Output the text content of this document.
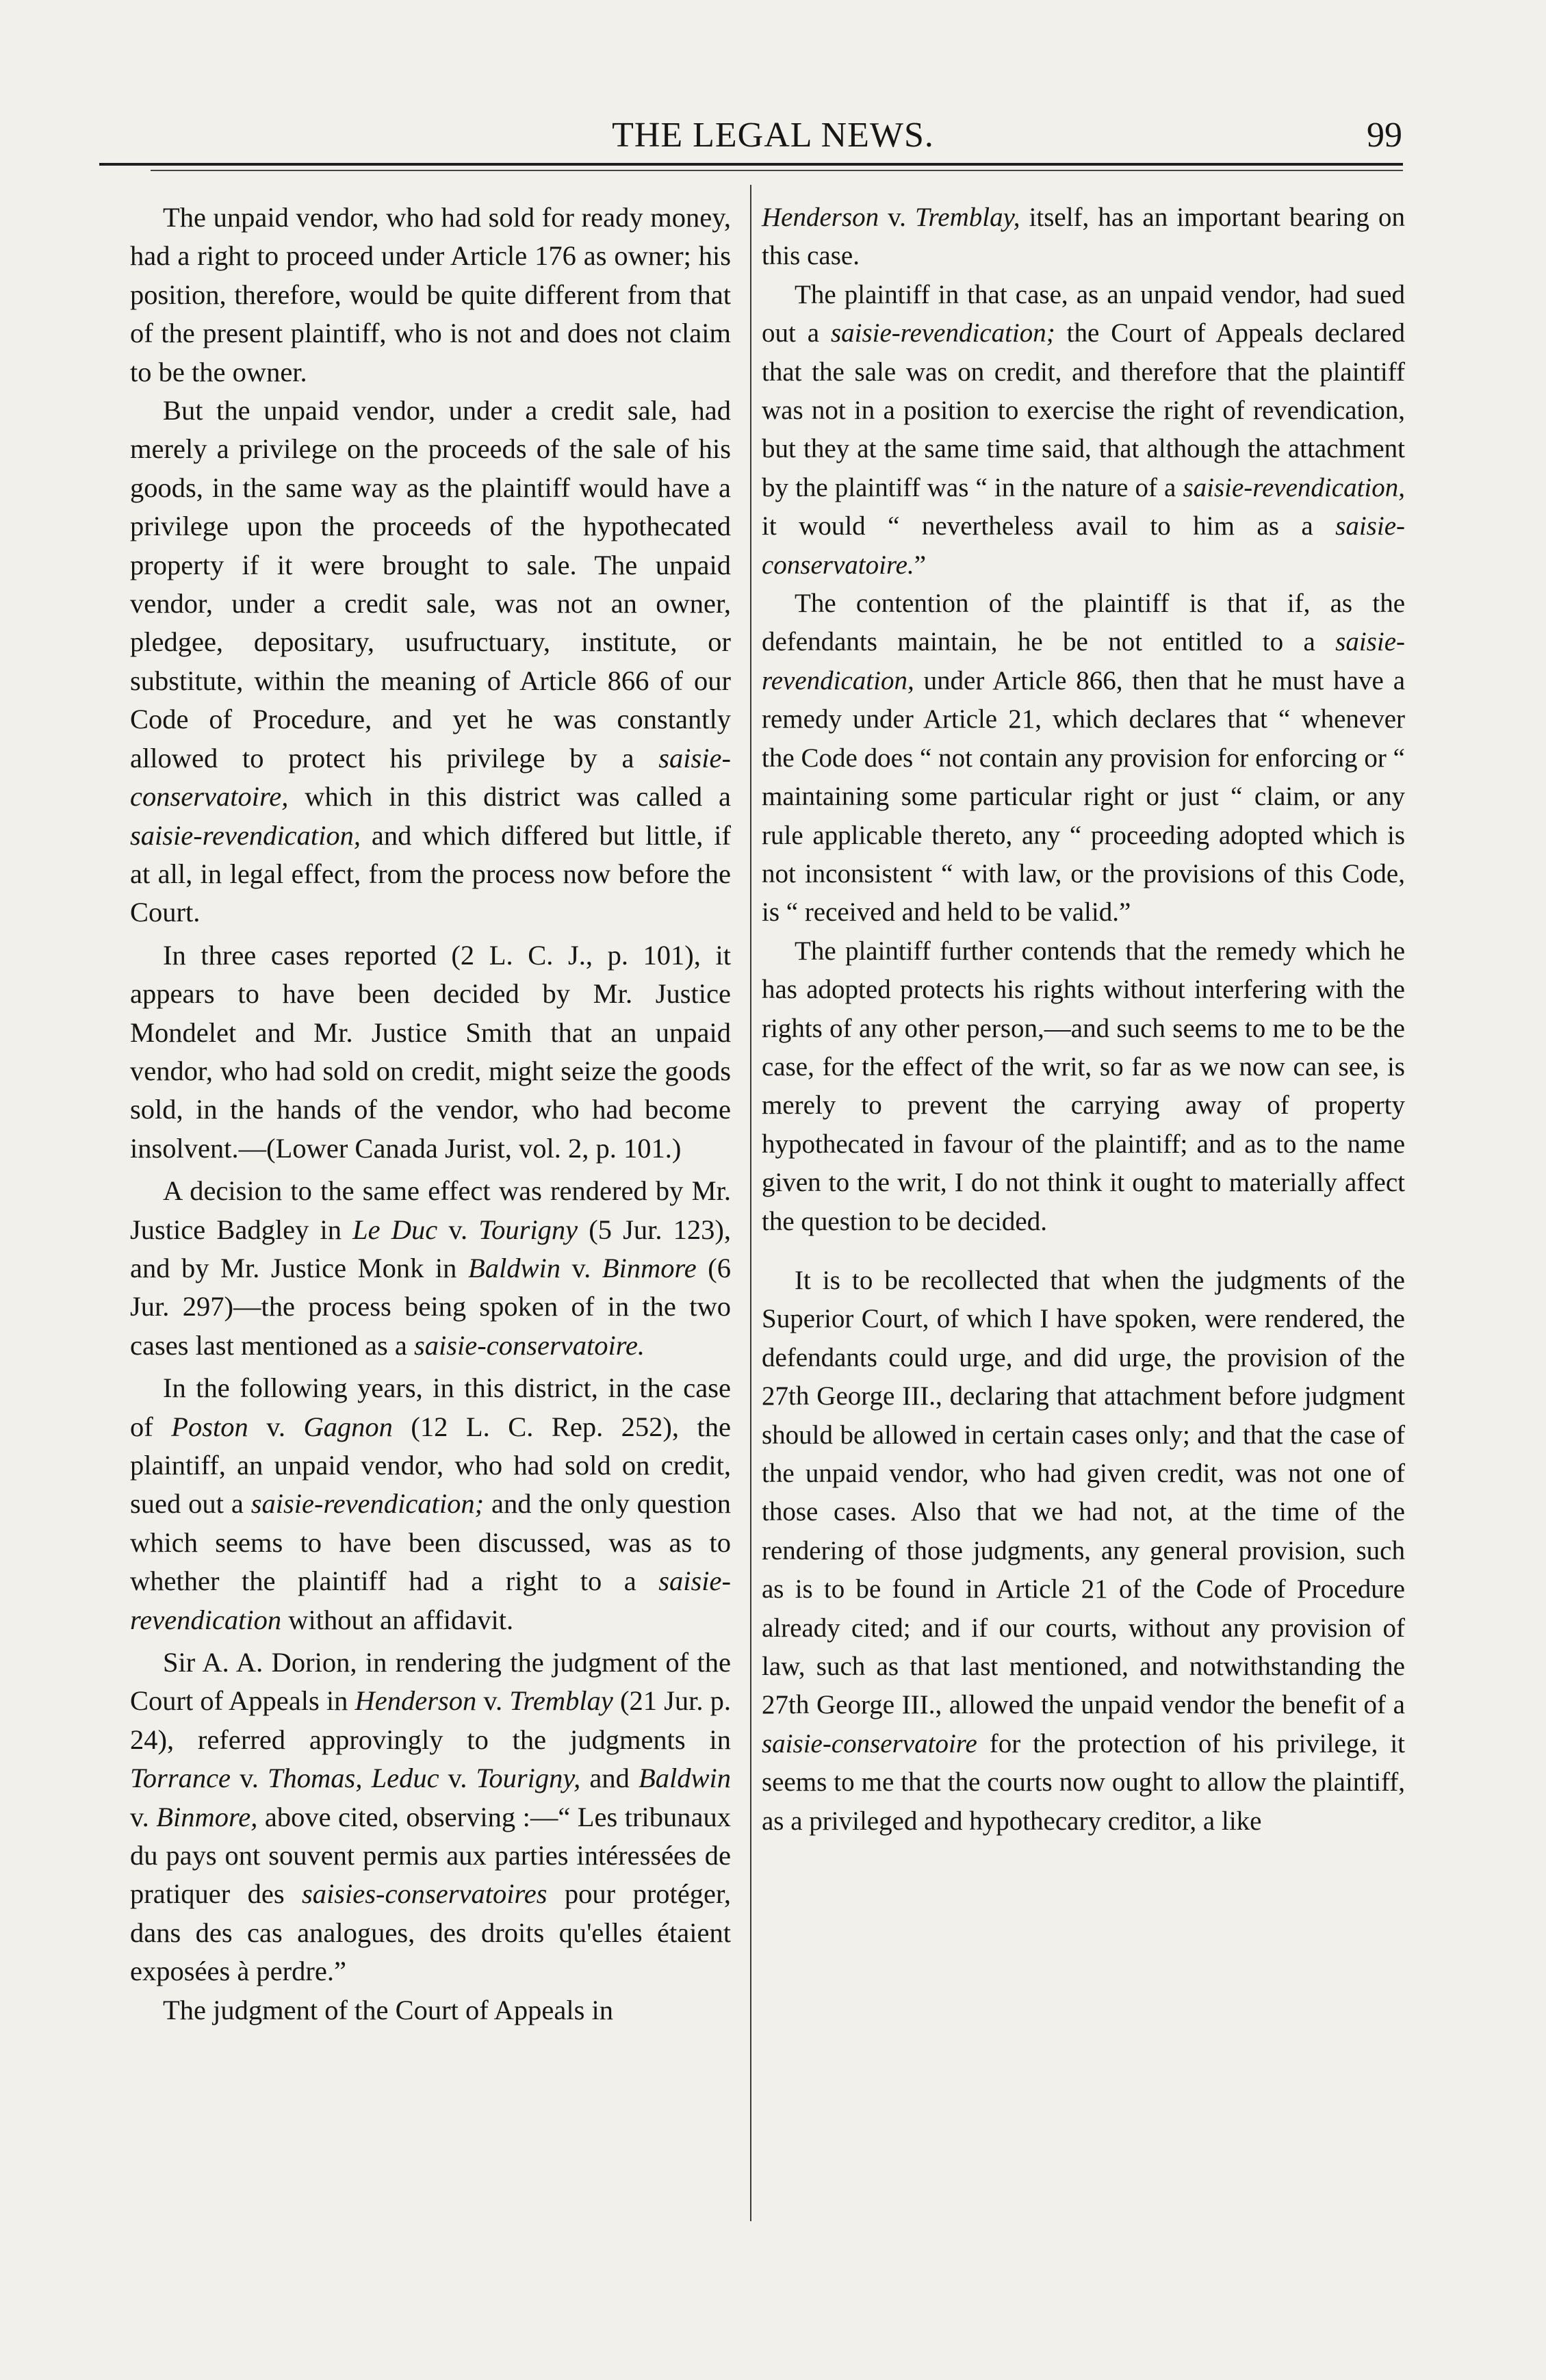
THE LEGAL NEWS.	99

The unpaid vendor, who had sold for ready money, had a right to proceed under Article 176 as owner; his position, therefore, would be quite different from that of the present plaintiff, who is not and does not claim to be the owner.

But the unpaid vendor, under a credit sale, had merely a privilege on the proceeds of the sale of his goods, in the same way as the plaintiff would have a privilege upon the proceeds of the hypothecated property if it were brought to sale. The unpaid vendor, under a credit sale, was not an owner, pledgee, depositary, usufructuary, institute, or substitute, within the meaning of Article 866 of our Code of Procedure, and yet he was constantly allowed to protect his privilege by a saisie-conservatoire, which in this district was called a saisie-revendication, and which differed but little, if at all, in legal effect, from the process now before the Court.

In three cases reported (2 L. C. J., p. 101), it appears to have been decided by Mr. Justice Mondelet and Mr. Justice Smith that an unpaid vendor, who had sold on credit, might seize the goods sold, in the hands of the vendor, who had become insolvent.—(Lower Canada Jurist, vol. 2, p. 101.)

A decision to the same effect was rendered by Mr. Justice Badgley in Le Duc v. Tourigny (5 Jur. 123), and by Mr. Justice Monk in Baldwin v. Binmore (6 Jur. 297)—the process being spoken of in the two cases last mentioned as a saisie-conservatoire.

In the following years, in this district, in the case of Poston v. Gagnon (12 L. C. Rep. 252), the plaintiff, an unpaid vendor, who had sold on credit, sued out a saisie-revendication; and the only question which seems to have been discussed, was as to whether the plaintiff had a right to a saisie-revendication without an affidavit.

Sir A. A. Dorion, in rendering the judgment of the Court of Appeals in Henderson v. Tremblay (21 Jur. p. 24), referred approvingly to the judgments in Torrance v. Thomas, Leduc v. Tourigny, and Baldwin v. Binmore, above cited, observing :—“ Les tribunaux du pays ont souvent permis aux parties intéressées de pratiquer des saisies-conservatoires pour protéger, dans des cas analogues, des droits qu'elles étaient exposées à perdre.”

The judgment of the Court of Appeals in

Henderson v. Tremblay, itself, has an important bearing on this case.

The plaintiff in that case, as an unpaid vendor, had sued out a saisie-revendication; the Court of Appeals declared that the sale was on credit, and therefore that the plaintiff was not in a position to exercise the right of revendication, but they at the same time said, that although the attachment by the plaintiff was “ in the nature of a saisie-revendication, it would “ nevertheless avail to him as a saisie-conservatoire.”

The contention of the plaintiff is that if, as the defendants maintain, he be not entitled to a saisie-revendication, under Article 866, then that he must have a remedy under Article 21, which declares that “ whenever the Code does “ not contain any provision for enforcing or “ maintaining some particular right or just “ claim, or any rule applicable thereto, any “ proceeding adopted which is not inconsistent “ with law, or the provisions of this Code, is “ received and held to be valid.”

The plaintiff further contends that the remedy which he has adopted protects his rights without interfering with the rights of any other person,—and such seems to me to be the case, for the effect of the writ, so far as we now can see, is merely to prevent the carrying away of property hypothecated in favour of the plaintiff; and as to the name given to the writ, I do not think it ought to materially affect the question to be decided.

It is to be recollected that when the judgments of the Superior Court, of which I have spoken, were rendered, the defendants could urge, and did urge, the provision of the 27th George III., declaring that attachment before judgment should be allowed in certain cases only; and that the case of the unpaid vendor, who had given credit, was not one of those cases. Also that we had not, at the time of the rendering of those judgments, any general provision, such as is to be found in Article 21 of the Code of Procedure already cited; and if our courts, without any provision of law, such as that last mentioned, and notwithstanding the 27th George III., allowed the unpaid vendor the benefit of a saisie-conservatoire for the protection of his privilege, it seems to me that the courts now ought to allow the plaintiff, as a privileged and hypothecary creditor, a like
